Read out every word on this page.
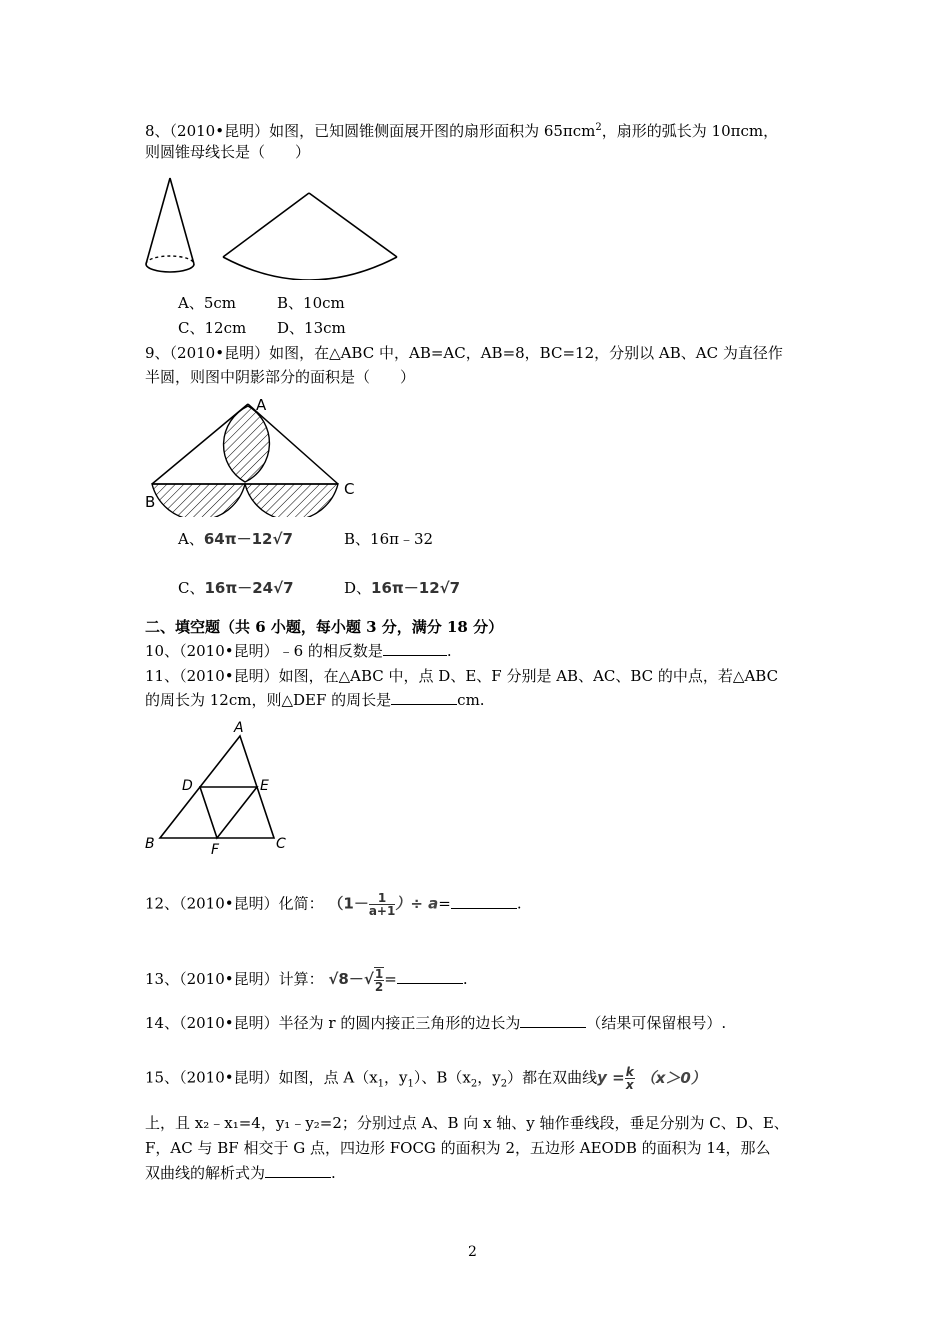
8、（2010•昆明）如图，已知圆锥侧面展开图的扇形面积为 65πcm$^2$，扇形的弧长为 10πcm，
则圆锥母线长是（　　）
A、5cm	B、10cm
C、12cm D、13cm
9、（2010•昆明）如图，在△ABC 中，AB=AC，AB=8，BC=12，分别以 AB、AC 为直径作
半圆，则图中阴影部分的面积是（　　）
A
B
C
A、64π－12√7	B、16π﹣32
C、16π－24√7	D、16π－12√7
二、填空题（共 6 小题，每小题 3 分，满分 18 分）
10、（2010•昆明）﹣6 的相反数是	.
11、（2010•昆明）如图，在△ABC 中，点 D、E、F 分别是 AB、AC、BC 的中点，若△ABC
的周长为 12cm，则△DEF 的周长是	cm.
A
D	E
B	F	C
12、（2010•昆明）化简： （$1- \frac{1}{a+1}$ ）÷ a=	.
13、（2010•昆明）计算： $√8-√ \frac{1}{2}$ =	.
14、（2010•昆明）半径为 r 的圆内接正三角形的边长为	（结果可保留根号）.
15、（2010•昆明）如图，点 $A(x_1$，$y_1$）、$B(x_2$，$y_2$）都在双曲线$y = \frac{k}{x} (x>0)$
上，且 x₂﹣x₁=4，y₁﹣y₂=2；分别过点 A、B 向 x 轴、y 轴作垂线段，垂足分别为 C、D、E、
F，AC 与 BF 相交于 G 点，四边形 FOCG 的面积为 2，五边形 AEODB 的面积为 14，那么
双曲线的解析式为	.
2
